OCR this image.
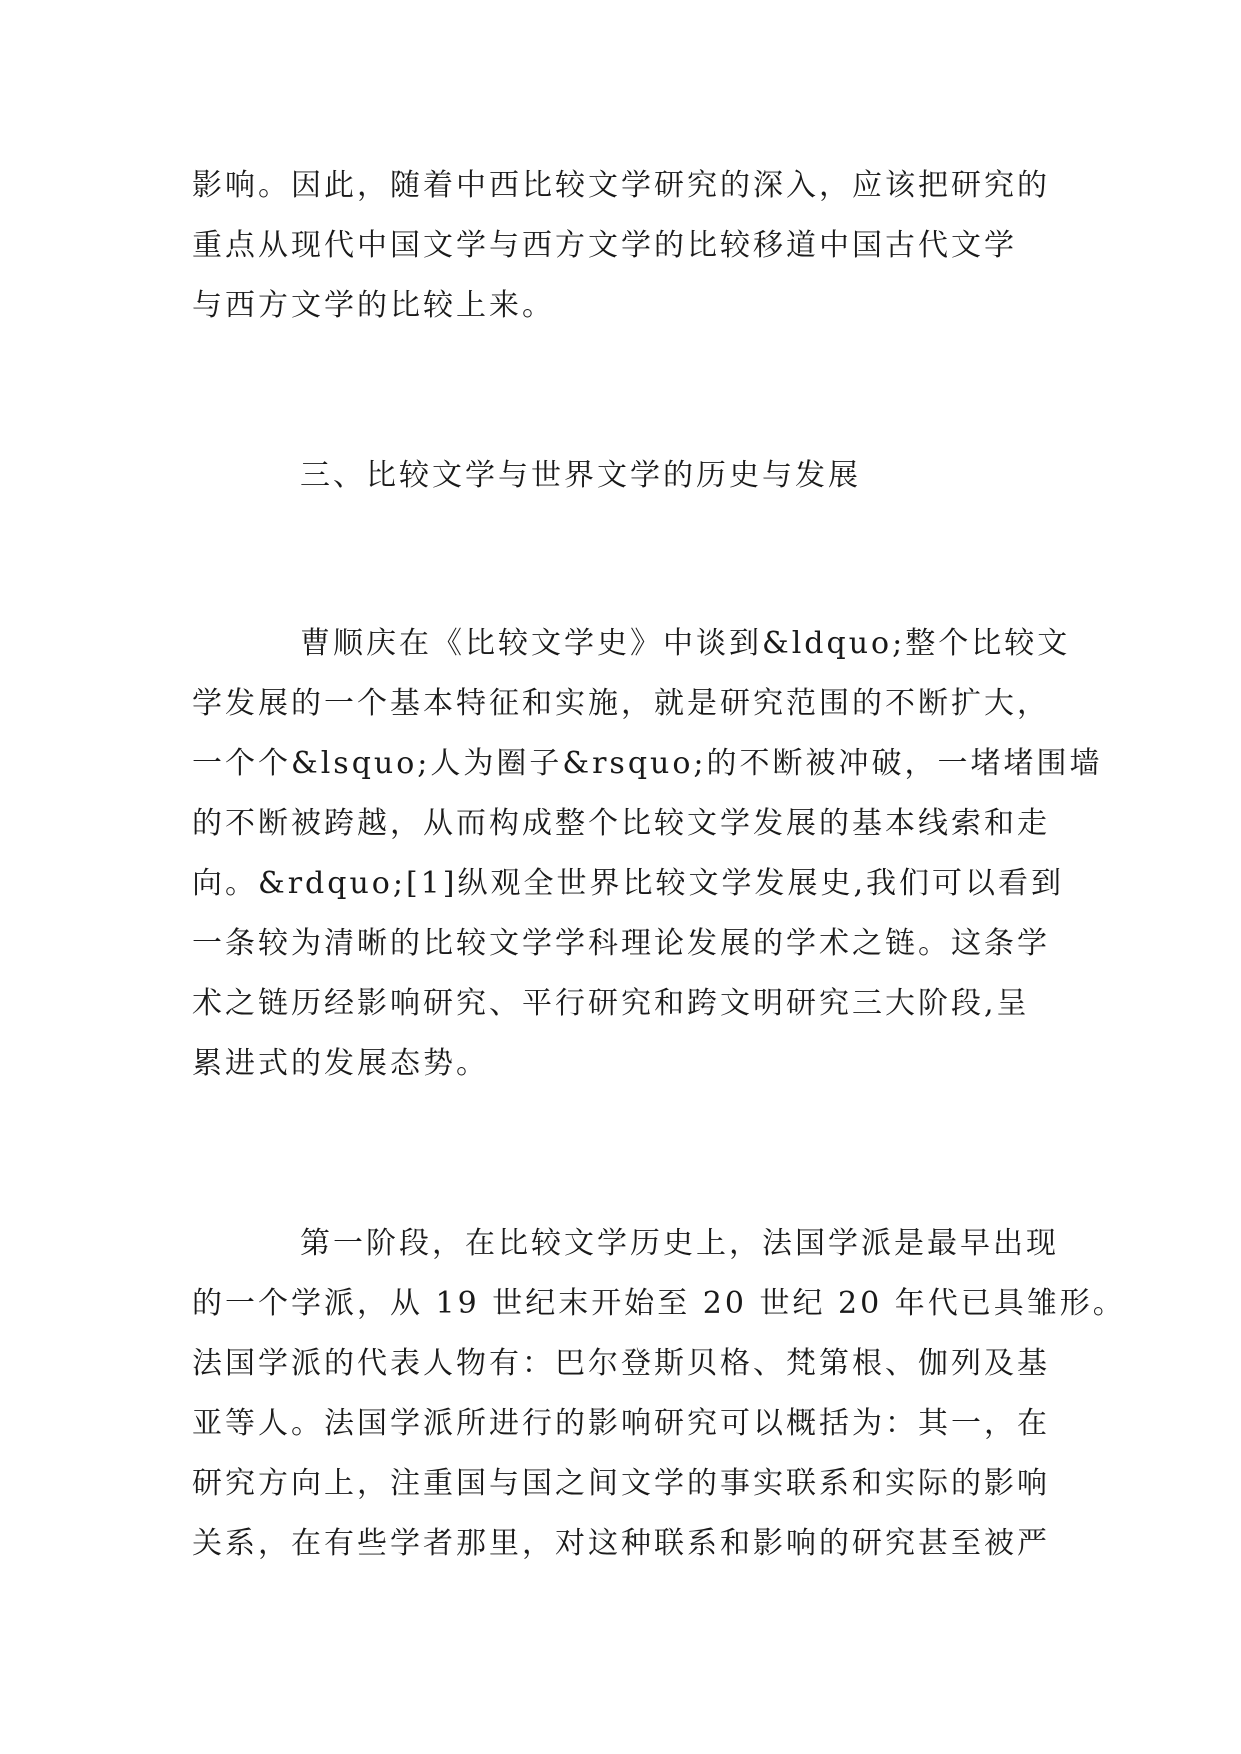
影响。因此，随着中西比较文学研究的深入，应该把研究的
重点从现代中国文学与西方文学的比较移道中国古代文学
与西方文学的比较上来。
三、比较文学与世界文学的历史与发展
曹顺庆在《比较文学史》中谈到&ldquo;整个比较文
学发展的一个基本特征和实施，就是研究范围的不断扩大，
一个个&lsquo;人为圈子&rsquo;的不断被冲破，一堵堵围墙
的不断被跨越，从而构成整个比较文学发展的基本线索和走
向。&rdquo;[1]纵观全世界比较文学发展史,我们可以看到
一条较为清晰的比较文学学科理论发展的学术之链。这条学
术之链历经影响研究、平行研究和跨文明研究三大阶段,呈
累进式的发展态势。
第一阶段，在比较文学历史上，法国学派是最早出现
的一个学派，从 19 世纪末开始至 20 世纪 20 年代已具雏形。
法国学派的代表人物有：巴尔登斯贝格、梵第根、伽列及基
亚等人。法国学派所进行的影响研究可以概括为：其一，在
研究方向上，注重国与国之间文学的事实联系和实际的影响
关系，在有些学者那里，对这种联系和影响的研究甚至被严
